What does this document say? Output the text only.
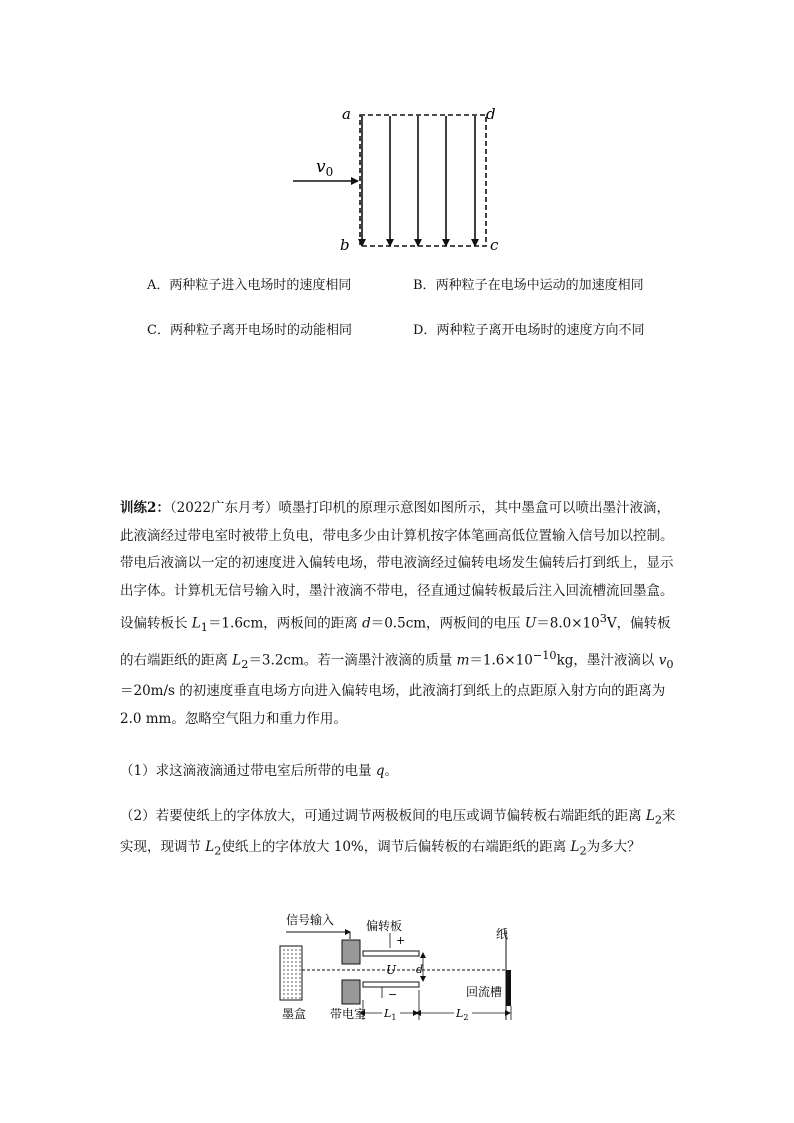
a	d
b	c
$v_0$
A．两种粒子进入电场时的速度相同	B．两种粒子在电场中运动的加速度相同
C．两种粒子离开电场时的动能相同	D．两种粒子离开电场时的速度方向不同
训练2：（2022广东月考）喷墨打印机的原理示意图如图所示，其中墨盒可以喷出墨汁液滴，此液滴经过带电室时被带上负电，带电多少由计算机按字体笔画高低位置输入信号加以控制。带电后液滴以一定的初速度进入偏转电场，带电液滴经过偏转电场发生偏转后打到纸上，显示出字体。计算机无信号输入时，墨汁液滴不带电，径直通过偏转板最后注入回流槽流回墨盒。设偏转板长 $L_1=1.6cm$，两板间的距离 d＝0.5cm，两板间的电压 $U=8.0\times 10^3V$，偏转板的右端距纸的距离 $L_2=3.2cm$。若一滴墨汁液滴的质量 $m=1.6\times 10^{-10}kg$，墨汁液滴以 $v_0=20m/s$ 的初速度垂直电场方向进入偏转电场，此液滴打到纸上的点距原入射方向的距离为 2.0 mm。忽略空气阻力和重力作用。
（1）求这滴液滴通过带电室后所带的电量 q。
（2）若要使纸上的字体放大，可通过调节两极板间的电压或调节偏转板右端距纸的距离 $L_2$来实现，现调节 $L_2$使纸上的字体放大 10%，调节后偏转板的右端距纸的距离 $L_2$为多大？
信号输入
墨盒 带电室
偏转板
+
−
U d
纸
回流槽
$L_1$	$L_2$
